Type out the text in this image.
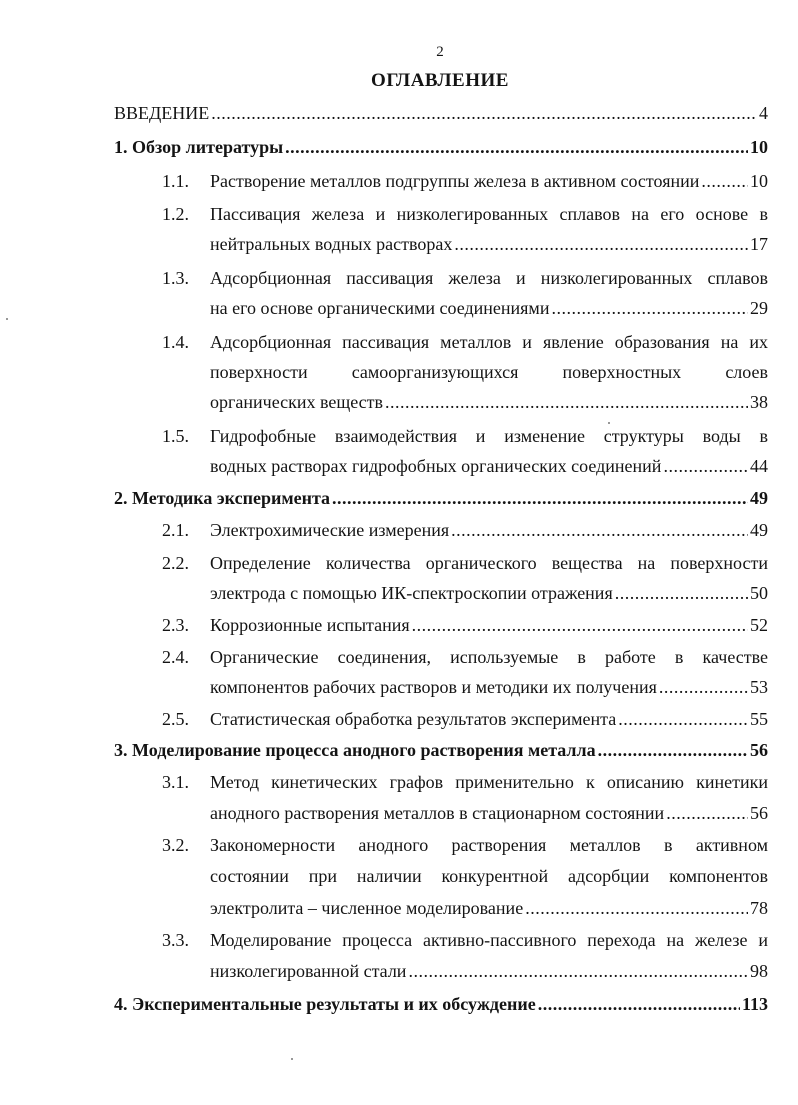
2
ОГЛАВЛЕНИЕ
ВВЕДЕНИЕ .....	4
1. Обзор литературы .....	10
1.1.	Растворение металлов подгруппы железа в активном состоянии .....	10
1.2.	Пассивация железа и низколегированных сплавов на его основе в
нейтральных водных растворах .....	17
1.3.	Адсорбционная пассивация железа и низколегированных сплавов
на его основе органическими соединениями .....	29
1.4.	Адсорбционная пассивация металлов и явление образования на их
поверхности самоорганизующихся поверхностных слоев
органических веществ .....	38
1.5.	Гидрофобные взаимодействия и изменение структуры воды в
водных растворах гидрофобных органических соединений .....	44
2. Методика эксперимента .....	49
2.1.	Электрохимические измерения .....	49
2.2.	Определение количества органического вещества на поверхности
электрода с помощью ИК-спектроскопии отражения .....	50
2.3.	Коррозионные испытания .....	52
2.4.	Органические соединения, используемые в работе в качестве
компонентов рабочих растворов и методики их получения .....	53
2.5.	Статистическая обработка результатов эксперимента .....	55
3. Моделирование процесса анодного растворения металла .....	56
3.1.	Метод кинетических графов применительно к описанию кинетики
анодного растворения металлов в стационарном состоянии .....	56
3.2.	Закономерности анодного растворения металлов в активном
состоянии при наличии конкурентной адсорбции компонентов
электролита – численное моделирование .....	78
3.3.	Моделирование процесса активно-пассивного перехода на железе и
низколегированной стали .....	98
4. Экспериментальные результаты и их обсуждение .....	113
